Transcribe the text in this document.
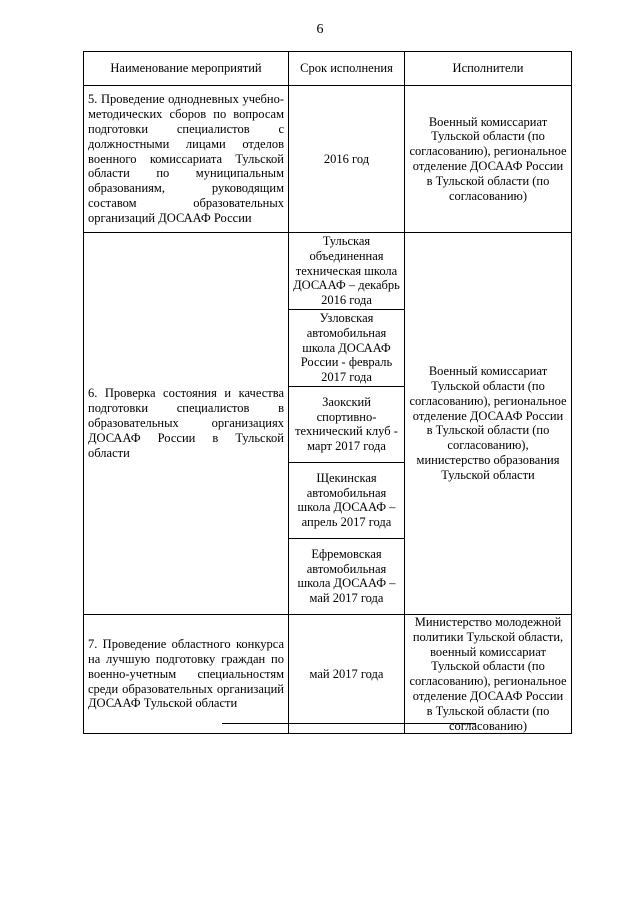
6
Наименование мероприятий	Срок исполнения	Исполнители
5. Проведение однодневных учебно-методических сборов по вопросам подготовки специалистов с должностными лицами отделов военного комиссариата Тульской области по муниципальным образованиям, руководящим составом образовательных организаций ДОСААФ России	2016 год	Военный комиссариат Тульской области (по согласованию), региональное отделение ДОСААФ России в Тульской области (по согласованию)
6. Проверка состояния и качества подготовки специалистов в образовательных организациях ДОСААФ России в Тульской области	Тульская объединенная техническая школа ДОСААФ – декабрь 2016 года	Военный комиссариат Тульской области (по согласованию), региональное отделение ДОСААФ России в Тульской области (по согласованию), министерство образования Тульской области
	Узловская автомобильная школа ДОСААФ России - февраль 2017 года	
	Заокский спортивно-технический клуб - март 2017 года	
	Щекинская автомобильная школа ДОСААФ – апрель 2017 года	
	Ефремовская автомобильная школа ДОСААФ – май 2017 года	
7. Проведение областного конкурса на лучшую подготовку граждан по военно-учетным специальностям среди образовательных организаций ДОСААФ Тульской области	май 2017 года	Министерство молодежной политики Тульской области, военный комиссариат Тульской области (по согласованию), региональное отделение ДОСААФ России в Тульской области (по согласованию)
